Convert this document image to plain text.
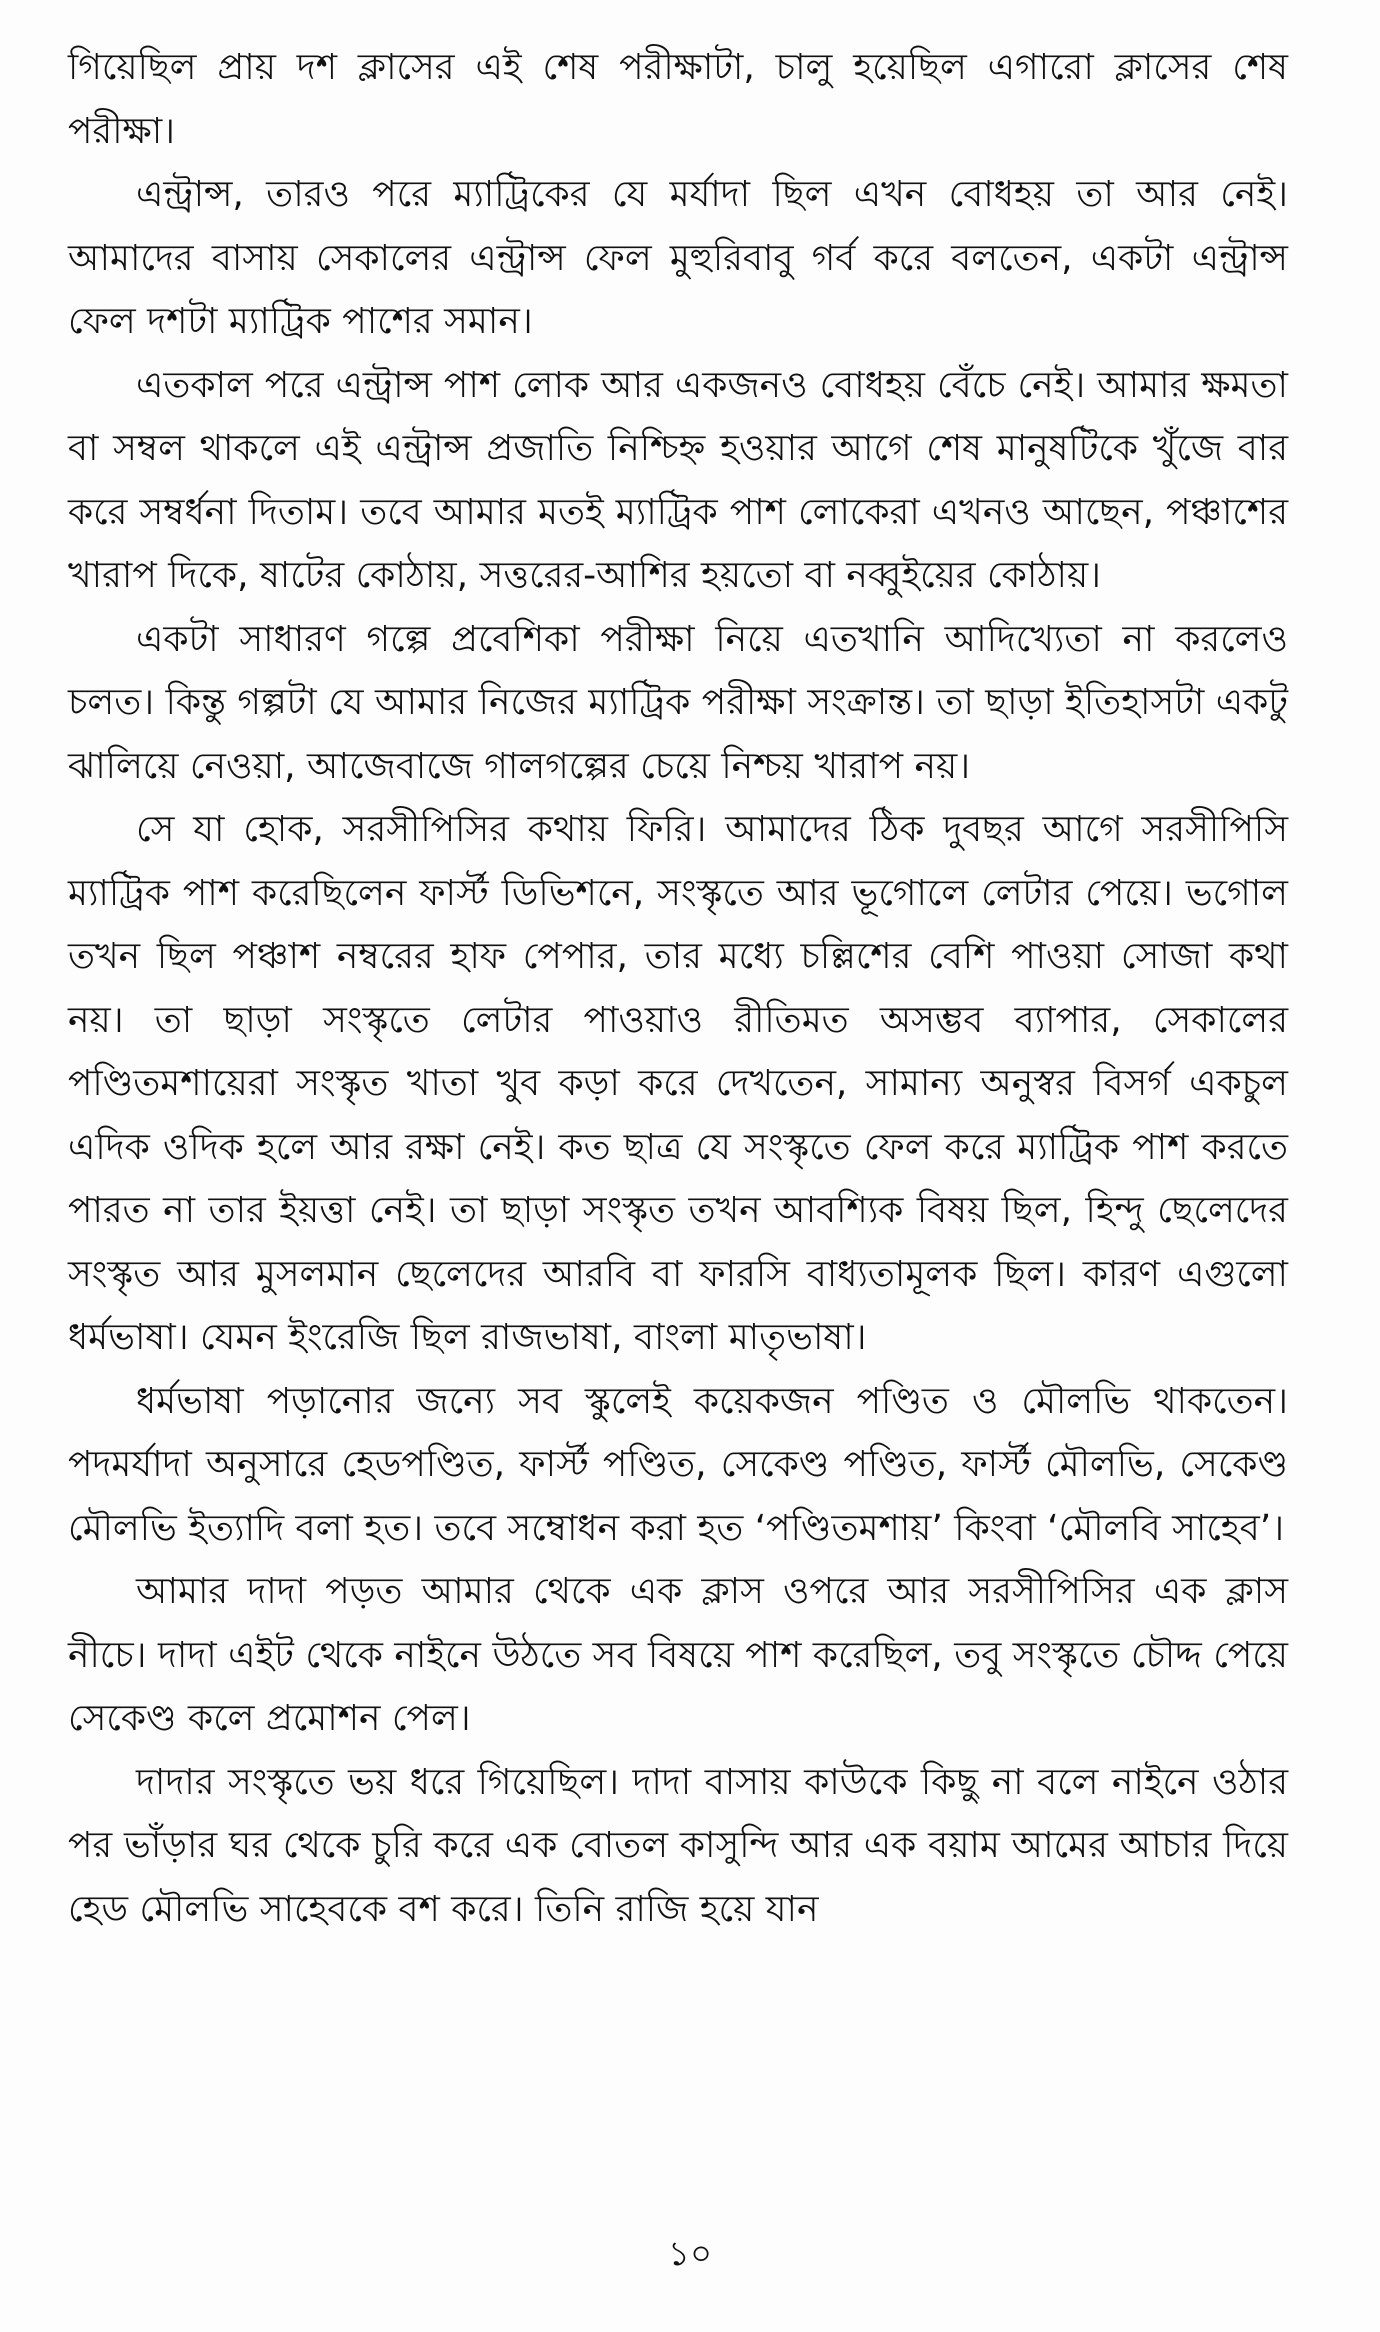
গিয়েছিল প্রায় দশ ক্লাসের এই শেষ পরীক্ষাটা, চালু হয়েছিল এগারো ক্লাসের শেষ পরীক্ষা।

এন্ট্রান্স, তারও পরে ম্যাট্রিকের যে মর্যাদা ছিল এখন বোধহয় তা আর নেই। আমাদের বাসায় সেকালের এন্ট্রান্স ফেল মুহুরিবাবু গর্ব করে বলতেন, একটা এন্ট্রান্স ফেল দশটা ম্যাট্রিক পাশের সমান।

এতকাল পরে এন্ট্রান্স পাশ লোক আর একজনও বোধহয় বেঁচে নেই। আমার ক্ষমতা বা সম্বল থাকলে এই এন্ট্রান্স প্রজাতি নিশ্চিহ্ন হওয়ার আগে শেষ মানুষটিকে খুঁজে বার করে সম্বর্ধনা দিতাম। তবে আমার মতই ম্যাট্রিক পাশ লোকেরা এখনও আছেন, পঞ্চাশের খারাপ দিকে, ষাটের কোঠায়, সত্তরের-আশির হয়তো বা নব্বুইয়ের কোঠায়।

একটা সাধারণ গল্পে প্রবেশিকা পরীক্ষা নিয়ে এতখানি আদিখ্যেতা না করলেও চলত। কিন্তু গল্পটা যে আমার নিজের ম্যাট্রিক পরীক্ষা সংক্রান্ত। তা ছাড়া ইতিহাসটা একটু ঝালিয়ে নেওয়া, আজেবাজে গালগল্পের চেয়ে নিশ্চয় খারাপ নয়।

সে যা হোক, সরসীপিসির কথায় ফিরি। আমাদের ঠিক দুবছর আগে সরসীপিসি ম্যাট্রিক পাশ করেছিলেন ফার্স্ট ডিভিশনে, সংস্কৃতে আর ভূগোলে লেটার পেয়ে। ভগোল তখন ছিল পঞ্চাশ নম্বরের হাফ পেপার, তার মধ্যে চল্লিশের বেশি পাওয়া সোজা কথা নয়। তা ছাড়া সংস্কৃতে লেটার পাওয়াও রীতিমত অসম্ভব ব্যাপার, সেকালের পণ্ডিতমশায়েরা সংস্কৃত খাতা খুব কড়া করে দেখতেন, সামান্য অনুস্বর বিসর্গ একচুল এদিক ওদিক হলে আর রক্ষা নেই। কত ছাত্র যে সংস্কৃতে ফেল করে ম্যাট্রিক পাশ করতে পারত না তার ইয়ত্তা নেই। তা ছাড়া সংস্কৃত তখন আবশ্যিক বিষয় ছিল, হিন্দু ছেলেদের সংস্কৃত আর মুসলমান ছেলেদের আরবি বা ফারসি বাধ্যতামূলক ছিল। কারণ এগুলো ধর্মভাষা। যেমন ইংরেজি ছিল রাজভাষা, বাংলা মাতৃভাষা।

ধর্মভাষা পড়ানোর জন্যে সব স্কুলেই কয়েকজন পণ্ডিত ও মৌলভি থাকতেন। পদমর্যাদা অনুসারে হেডপণ্ডিত, ফার্স্ট পণ্ডিত, সেকেণ্ড পণ্ডিত, ফার্স্ট মৌলভি, সেকেণ্ড মৌলভি ইত্যাদি বলা হত। তবে সম্বোধন করা হত ‘পণ্ডিতমশায়’ কিংবা ‘মৌলবি সাহেব’।

আমার দাদা পড়ত আমার থেকে এক ক্লাস ওপরে আর সরসীপিসির এক ক্লাস নীচে। দাদা এইট থেকে নাইনে উঠতে সব বিষয়ে পাশ করেছিল, তবু সংস্কৃতে চৌদ্দ পেয়ে সেকেণ্ড কলে প্রমোশন পেল।

দাদার সংস্কৃতে ভয় ধরে গিয়েছিল। দাদা বাসায় কাউকে কিছু না বলে নাইনে ওঠার পর ভাঁড়ার ঘর থেকে চুরি করে এক বোতল কাসুন্দি আর এক বয়াম আমের আচার দিয়ে হেড মৌলভি সাহেবকে বশ করে। তিনি রাজি হয়ে যান

১০
